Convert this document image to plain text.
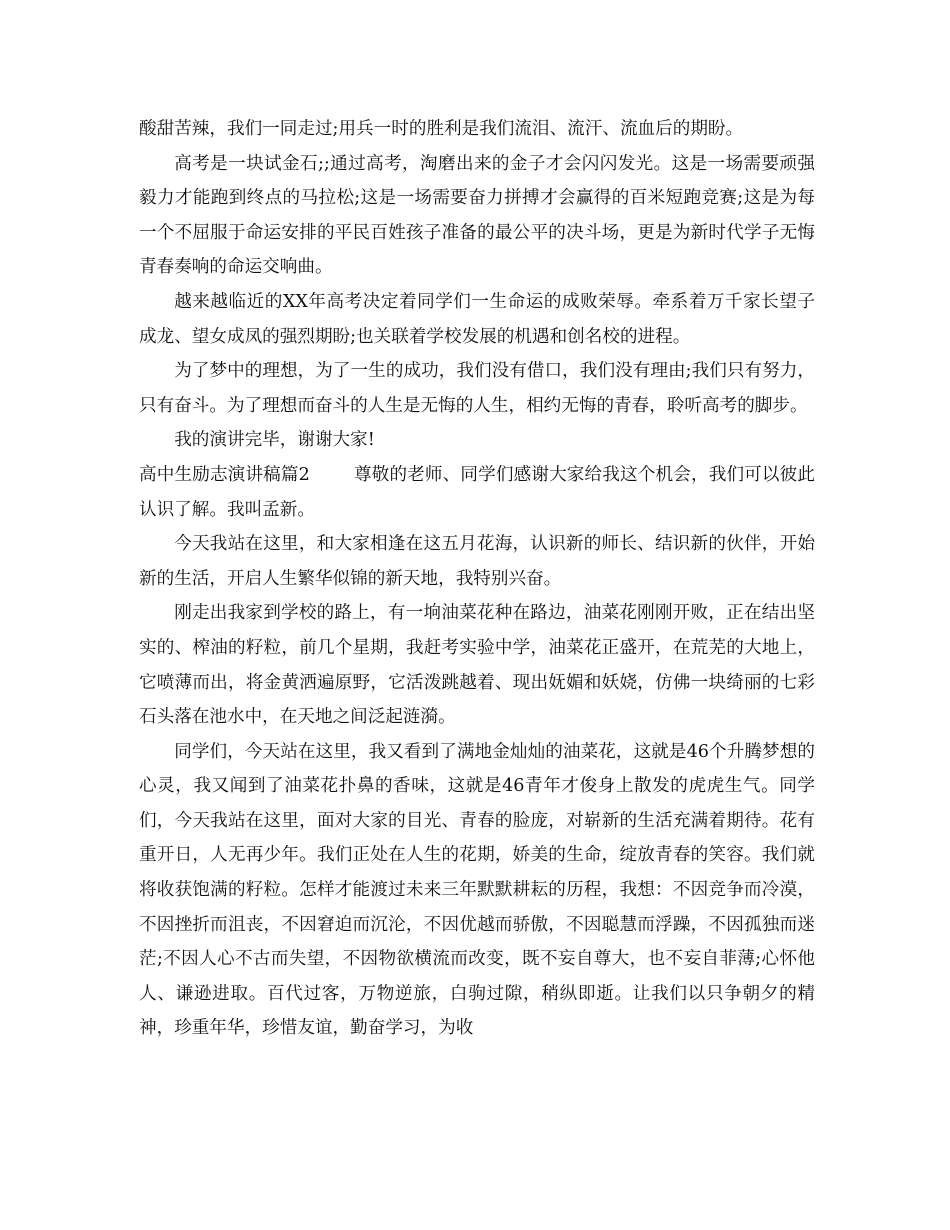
酸甜苦辣，我们一同走过;用兵一时的胜利是我们流泪、流汗、流血后的期盼。

高考是一块试金石;;通过高考，淘磨出来的金子才会闪闪发光。这是一场需要顽强毅力才能跑到终点的马拉松;这是一场需要奋力拼搏才会赢得的百米短跑竞赛;这是为每一个不屈服于命运安排的平民百姓孩子准备的最公平的决斗场，更是为新时代学子无悔青春奏响的命运交响曲。

越来越临近的XX年高考决定着同学们一生命运的成败荣辱。牵系着万千家长望子成龙、望女成凤的强烈期盼;也关联着学校发展的机遇和创名校的进程。

为了梦中的理想，为了一生的成功，我们没有借口，我们没有理由;我们只有努力，只有奋斗。为了理想而奋斗的人生是无悔的人生，相约无悔的青春，聆听高考的脚步。

我的演讲完毕，谢谢大家!

高中生励志演讲稿篇2	尊敬的老师、同学们感谢大家给我这个机会，我们可以彼此认识了解。我叫孟新。

今天我站在这里，和大家相逢在这五月花海，认识新的师长、结识新的伙伴，开始新的生活，开启人生繁华似锦的新天地，我特别兴奋。

刚走出我家到学校的路上，有一垧油菜花种在路边，油菜花刚刚开败，正在结出坚实的、榨油的籽粒，前几个星期，我赶考实验中学，油菜花正盛开，在荒芜的大地上，它喷薄而出，将金黄洒遍原野，它活泼跳越着、现出妩媚和妖娆，仿佛一块绮丽的七彩石头落在池水中，在天地之间泛起涟漪。

同学们，今天站在这里，我又看到了满地金灿灿的油菜花，这就是46个升腾梦想的心灵，我又闻到了油菜花扑鼻的香味，这就是46青年才俊身上散发的虎虎生气。同学们，今天我站在这里，面对大家的目光、青春的脸庞，对崭新的生活充满着期待。花有重开日，人无再少年。我们正处在人生的花期，娇美的生命，绽放青春的笑容。我们就将收获饱满的籽粒。怎样才能渡过未来三年默默耕耘的历程，我想：不因竞争而冷漠，不因挫折而沮丧，不因窘迫而沉沦，不因优越而骄傲，不因聪慧而浮躁，不因孤独而迷茫;不因人心不古而失望，不因物欲横流而改变，既不妄自尊大，也不妄自菲薄;心怀他人、谦逊进取。百代过客，万物逆旅，白驹过隙，稍纵即逝。让我们以只争朝夕的精神，珍重年华，珍惜友谊，勤奋学习，为收
